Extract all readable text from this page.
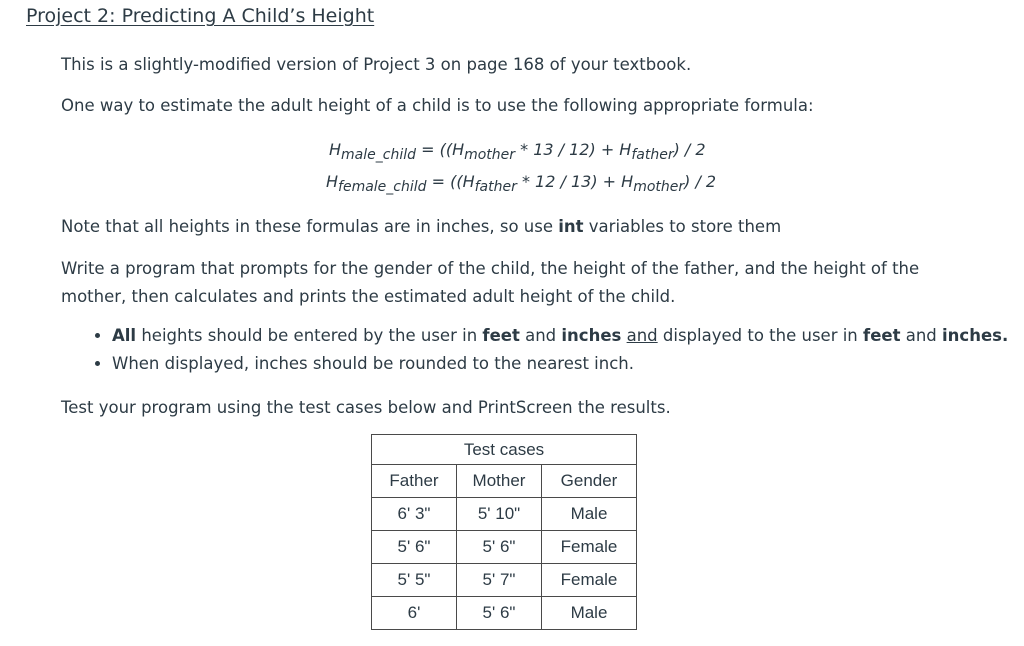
Project 2: Predicting A Child’s Height

This is a slightly-modified version of Project 3 on page 168 of your textbook.

One way to estimate the adult height of a child is to use the following appropriate formula:

$H_{male\_child} = ((H_{mother} * 13 / 12) + H_{father}) / 2$
$H_{female\_child} = ((H_{father} * 12 / 13) + H_{mother}) / 2$

Note that all heights in these formulas are in inches, so use int variables to store them

Write a program that prompts for the gender of the child, the height of the father, and the height of the mother, then calculates and prints the estimated adult height of the child.

• All heights should be entered by the user in feet and inches and displayed to the user in feet and inches.
• When displayed, inches should be rounded to the nearest inch.

Test your program using the test cases below and PrintScreen the results.

Test cases		
Father	Mother	Gender
6' 3"	5' 10"	Male
5' 6"	5' 6"	Female
5' 5"	5' 7"	Female
6'	5' 6"	Male
